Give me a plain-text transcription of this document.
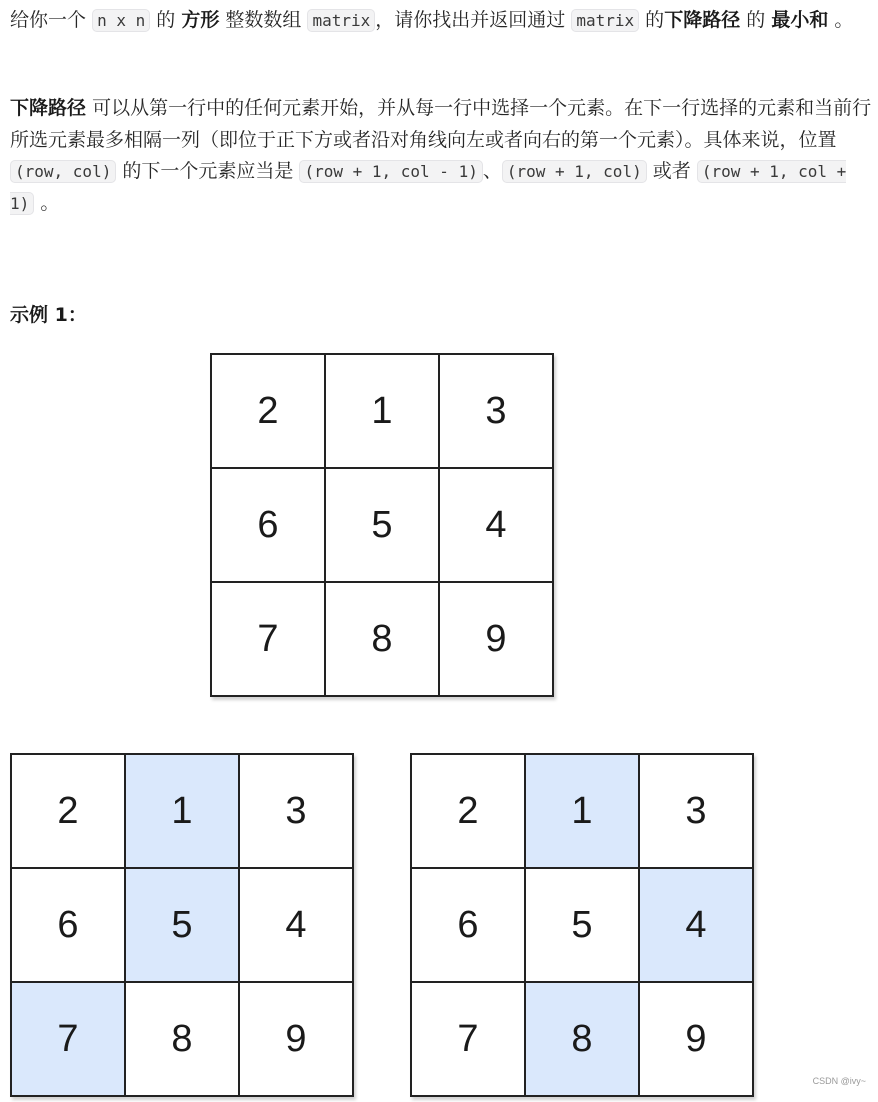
给你一个 n x n 的 方形 整数数组 matrix ，请你找出并返回通过 matrix 的下降路径 的 最小和 。
下降路径 可以从第一行中的任何元素开始，并从每一行中选择一个元素。在下一行选择的元素和当前行所选元素最多相隔一列（即位于正下方或者沿对角线向左或者向右的第一个元素）。具体来说，位置 (row, col) 的下一个元素应当是 (row + 1, col - 1) 、 (row + 1, col) 或者 (row + 1, col + 1) 。
示例 1：
2	1	3
6	5	4
7	8	9
2	1	3
6	5	4
7	8	9
2	1	3
6	5	4
7	8	9
CSDN @ivy~
